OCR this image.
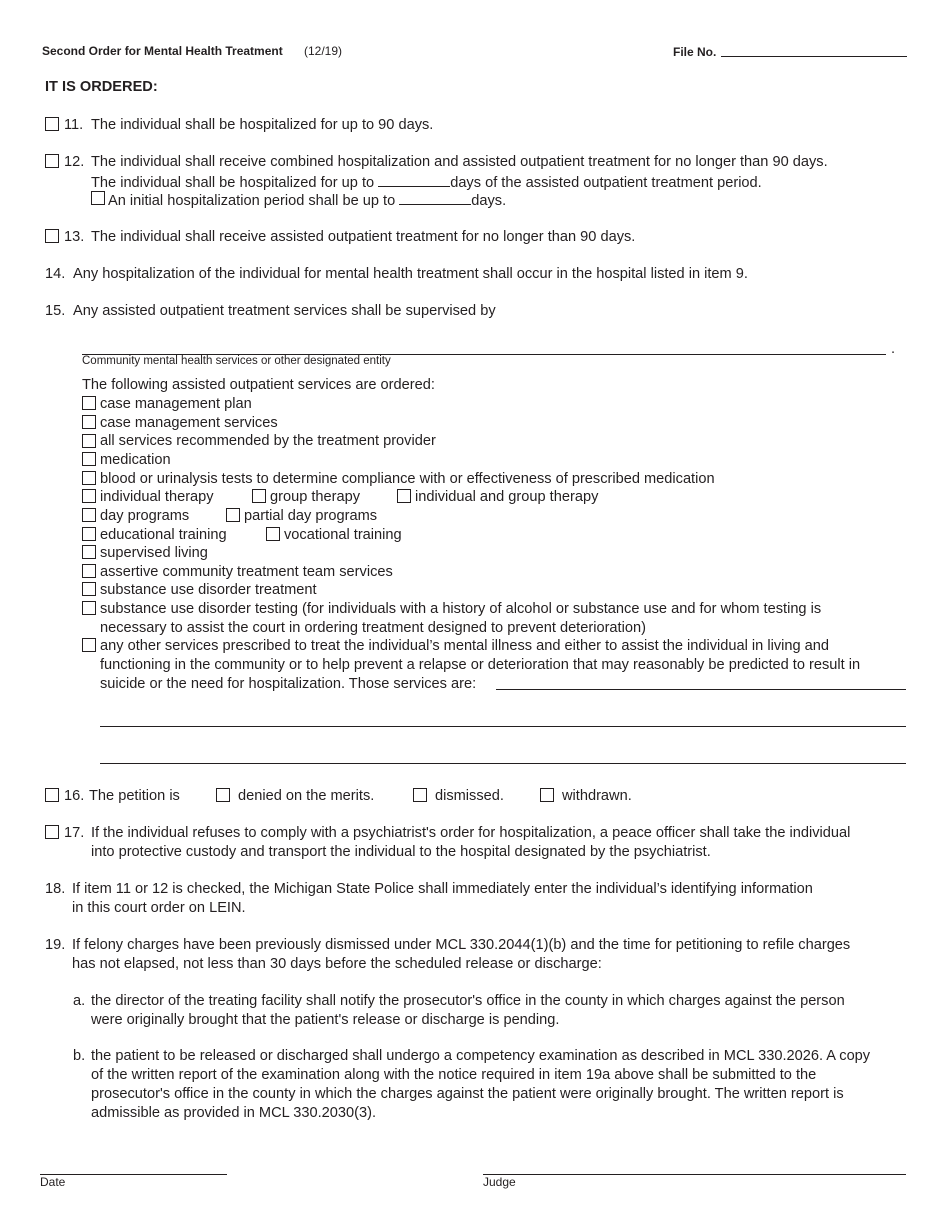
Second Order for Mental Health Treatment (12/19)	File No.
IT IS ORDERED:
11. The individual shall be hospitalized for up to 90 days.
12. The individual shall receive combined hospitalization and assisted outpatient treatment for no longer than 90 days.
The individual shall be hospitalized for up to	days of the assisted outpatient treatment period.
An initial hospitalization period shall be up to	days.
13. The individual shall receive assisted outpatient treatment for no longer than 90 days.
14. Any hospitalization of the individual for mental health treatment shall occur in the hospital listed in item 9.
15. Any assisted outpatient treatment services shall be supervised by
.
Community mental health services or other designated entity
The following assisted outpatient services are ordered:
case management plan
case management services
all services recommended by the treatment provider
medication
blood or urinalysis tests to determine compliance with or effectiveness of prescribed medication
individual therapy	group therapy	individual and group therapy
day programs	partial day programs
educational training	vocational training
supervised living
assertive community treatment team services
substance use disorder treatment
substance use disorder testing (for individuals with a history of alcohol or substance use and for whom testing is
necessary to assist the court in ordering treatment designed to prevent deterioration)
any other services prescribed to treat the individual’s mental illness and either to assist the individual in living and
functioning in the community or to help prevent a relapse or deterioration that may reasonably be predicted to result in
suicide or the need for hospitalization. Those services are:
16. The petition is	denied on the merits.	dismissed.	withdrawn.
17. If the individual refuses to comply with a psychiatrist's order for hospitalization, a peace officer shall take the individual
into protective custody and transport the individual to the hospital designated by the psychiatrist.
18. If item 11 or 12 is checked, the Michigan State Police shall immediately enter the individual’s identifying information
in this court order on LEIN.
19. If felony charges have been previously dismissed under MCL 330.2044(1)(b) and the time for petitioning to refile charges
has not elapsed, not less than 30 days before the scheduled release or discharge:
a. the director of the treating facility shall notify the prosecutor's office in the county in which charges against the person
were originally brought that the patient's release or discharge is pending.
b. the patient to be released or discharged shall undergo a competency examination as described in MCL 330.2026. A copy
of the written report of the examination along with the notice required in item 19a above shall be submitted to the
prosecutor's office in the county in which the charges against the patient were originally brought. The written report is
admissible as provided in MCL 330.2030(3).
Date	Judge
